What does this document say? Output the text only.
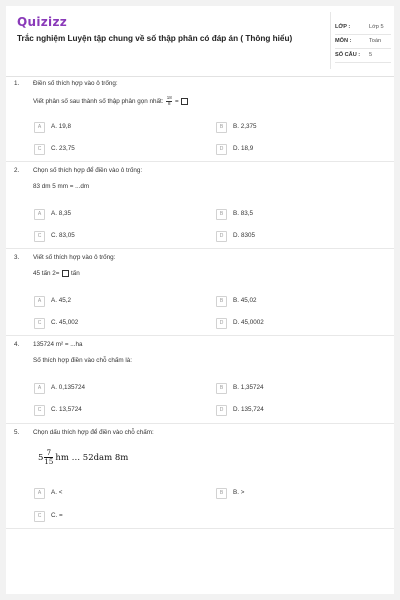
Quizizz
Trắc nghiệm Luyện tập chung về số thập phân có đáp án ( Thông hiểu)
LỚP :	Lớp 5
MÔN :	Toán
SỐ CÂU : 5
1. Điền số thích hợp vào ô trống:
Viết phân số sau thành số thập phân gọn nhất: $\frac{18}{8}$ =
A	A. 19,8	B	B. 2,375
C	C. 23,75	D	D. 18,9
2. Chọn số thích hợp để điền vào ô trống:
83 dm 5 mm = ...dm
A	A. 8,35	B	B. 83,5
C	C. 83,05	D	D. 8305
3. Viết số thích hợp vào ô trống:
45 tấn 2= tấn
A	A. 45,2	B	B. 45,02
C	C. 45,002	D	D. 45,0002
4. 135724 m² = ...ha
Số thích hợp điền vào chỗ chấm là:
A	A. 0,135724	B	B. 1,35724
C	C. 13,5724	D	D. 135,724
5. Chọn dấu thích hợp để điền vào chỗ chấm:
$5 \frac{7}{15}$ hm … 52dam 8m
A	A. <	B	B. >
C	C. =
